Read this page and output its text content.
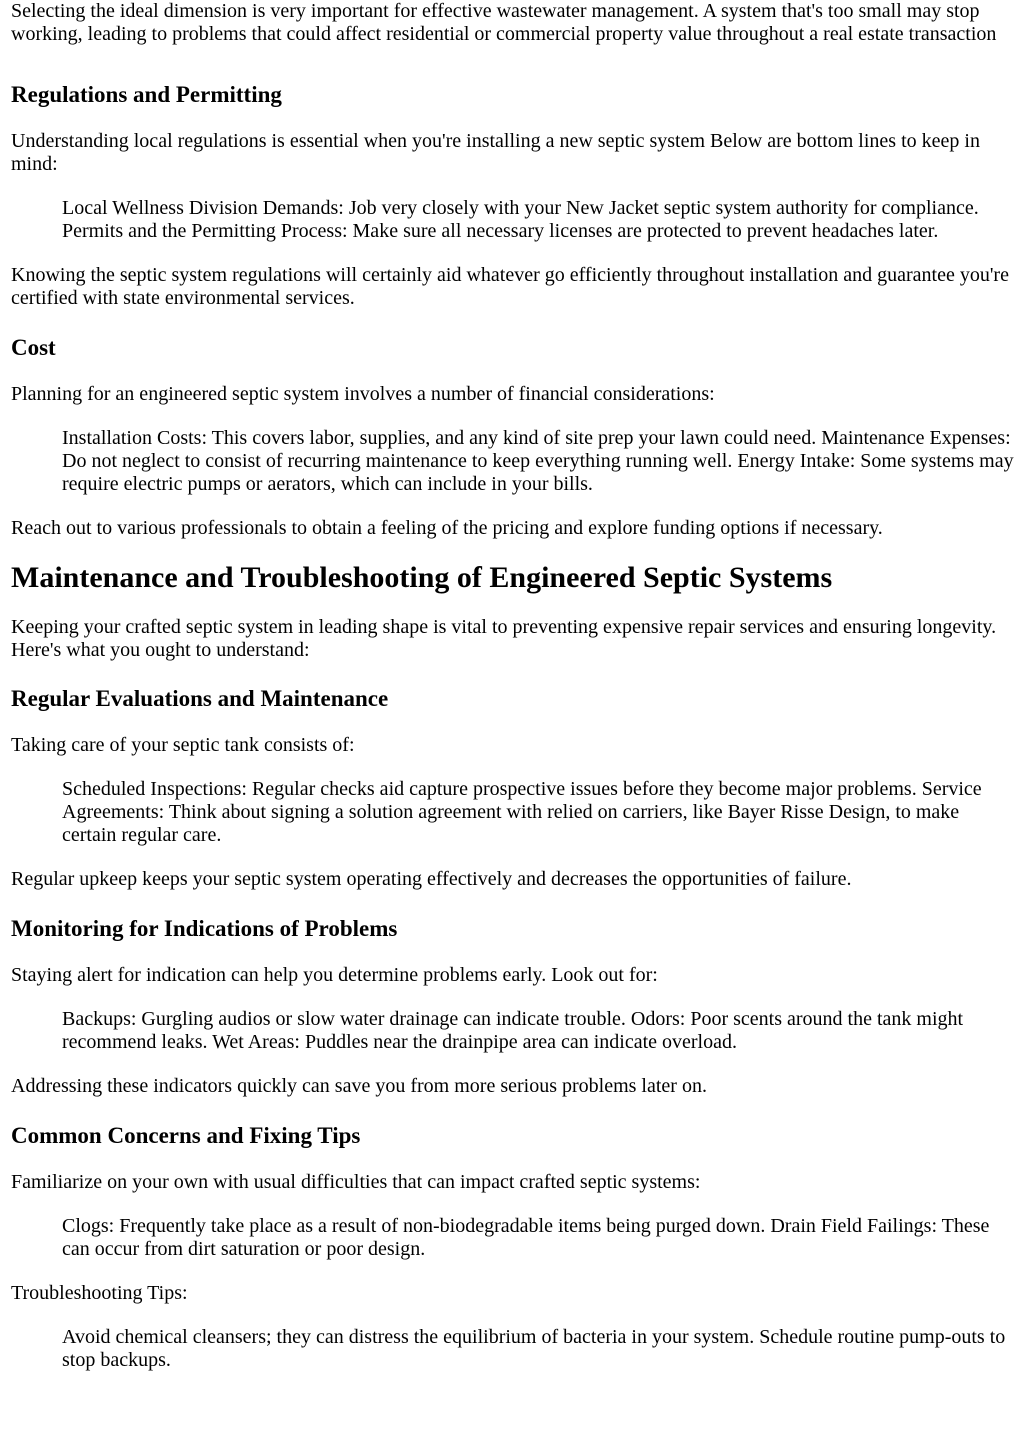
Selecting the ideal dimension is very important for effective wastewater management. A system that's too small may stop working, leading to problems that could affect residential or commercial property value throughout a real estate transaction

Regulations and Permitting

Understanding local regulations is essential when you're installing a new septic system Below are bottom lines to keep in mind:

Local Wellness Division Demands: Job very closely with your New Jacket septic system authority for compliance. Permits and the Permitting Process: Make sure all necessary licenses are protected to prevent headaches later.

Knowing the septic system regulations will certainly aid whatever go efficiently throughout installation and guarantee you're certified with state environmental services.

Cost

Planning for an engineered septic system involves a number of financial considerations:

Installation Costs: This covers labor, supplies, and any kind of site prep your lawn could need. Maintenance Expenses: Do not neglect to consist of recurring maintenance to keep everything running well. Energy Intake: Some systems may require electric pumps or aerators, which can include in your bills.

Reach out to various professionals to obtain a feeling of the pricing and explore funding options if necessary.

Maintenance and Troubleshooting of Engineered Septic Systems

Keeping your crafted septic system in leading shape is vital to preventing expensive repair services and ensuring longevity. Here's what you ought to understand:

Regular Evaluations and Maintenance

Taking care of your septic tank consists of:

Scheduled Inspections: Regular checks aid capture prospective issues before they become major problems. Service Agreements: Think about signing a solution agreement with relied on carriers, like Bayer Risse Design, to make certain regular care.

Regular upkeep keeps your septic system operating effectively and decreases the opportunities of failure.

Monitoring for Indications of Problems

Staying alert for indication can help you determine problems early. Look out for:

Backups: Gurgling audios or slow water drainage can indicate trouble. Odors: Poor scents around the tank might recommend leaks. Wet Areas: Puddles near the drainpipe area can indicate overload.

Addressing these indicators quickly can save you from more serious problems later on.

Common Concerns and Fixing Tips

Familiarize on your own with usual difficulties that can impact crafted septic systems:

Clogs: Frequently take place as a result of non-biodegradable items being purged down. Drain Field Failings: These can occur from dirt saturation or poor design.

Troubleshooting Tips:

Avoid chemical cleansers; they can distress the equilibrium of bacteria in your system. Schedule routine pump-outs to stop backups.
